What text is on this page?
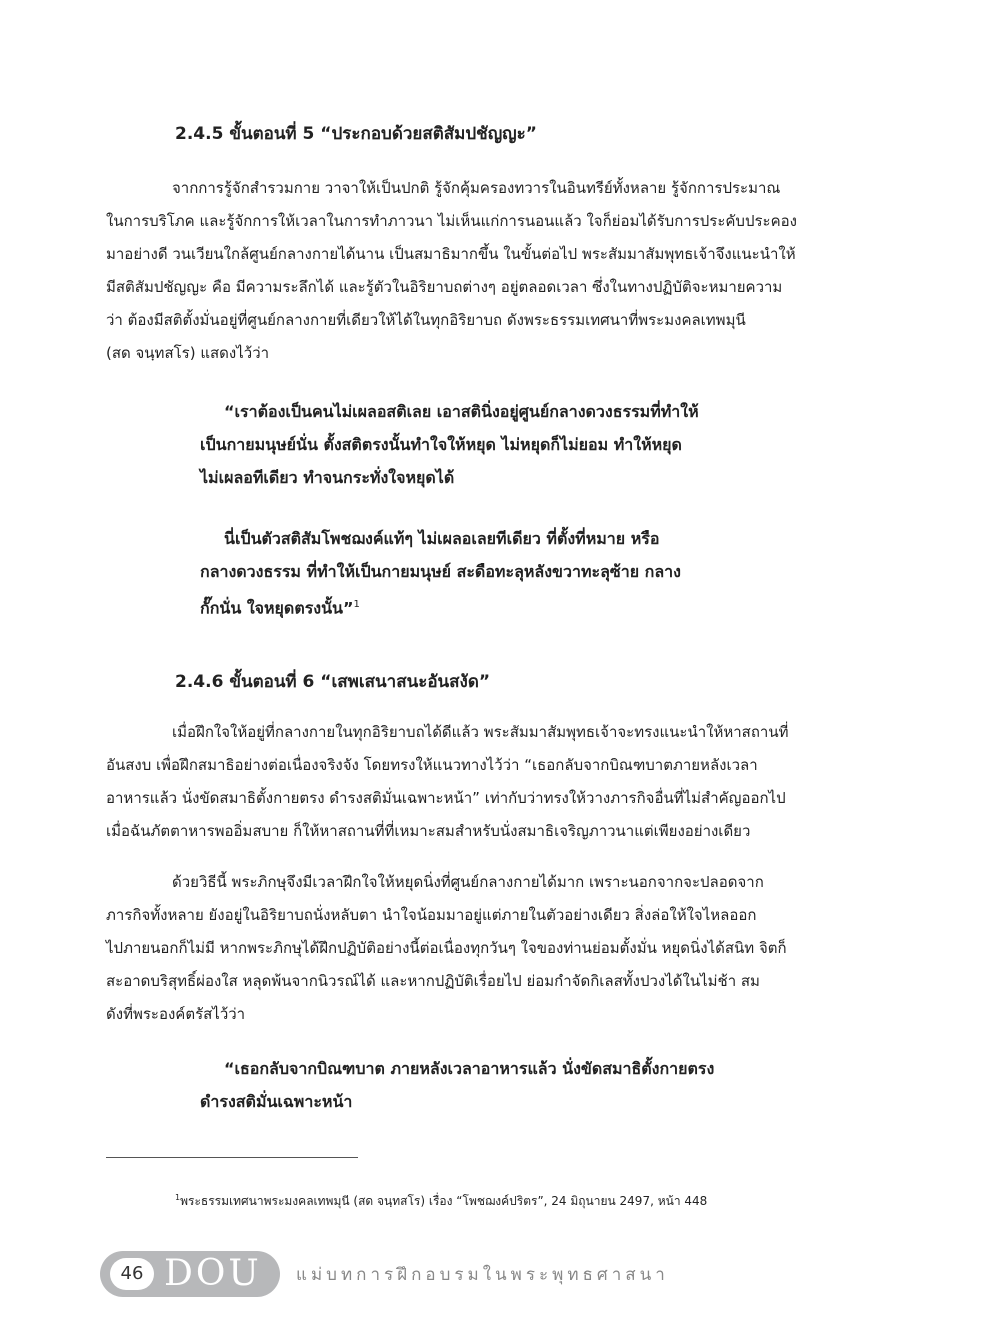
2.4.5 ขั้นตอนที่ 5 “ประกอบด้วยสติสัมปชัญญะ”
จากการรู้จักสำรวมกาย วาจาให้เป็นปกติ รู้จักคุ้มครองทวารในอินทรีย์ทั้งหลาย รู้จักการประมาณ
ในการบริโภค และรู้จักการให้เวลาในการทำภาวนา ไม่เห็นแก่การนอนแล้ว ใจก็ย่อมได้รับการประคับประคอง
มาอย่างดี วนเวียนใกล้ศูนย์กลางกายได้นาน เป็นสมาธิมากขึ้น ในขั้นต่อไป พระสัมมาสัมพุทธเจ้าจึงแนะนำให้
มีสติสัมปชัญญะ คือ มีความระลึกได้ และรู้ตัวในอิริยาบถต่างๆ อยู่ตลอดเวลา ซึ่งในทางปฏิบัติจะหมายความ
ว่า ต้องมีสติตั้งมั่นอยู่ที่ศูนย์กลางกายที่เดียวให้ได้ในทุกอิริยาบถ ดังพระธรรมเทศนาที่พระมงคลเทพมุนี
(สด จนฺทสโร) แสดงไว้ว่า
“เราต้องเป็นคนไม่เผลอสติเลย เอาสตินิ่งอยู่ศูนย์กลางดวงธรรมที่ทำให้
เป็นกายมนุษย์นั่น ตั้งสติตรงนั้นทำใจให้หยุด ไม่หยุดก็ไม่ยอม ทำให้หยุด
ไม่เผลอทีเดียว ทำจนกระทั่งใจหยุดได้
นี่เป็นตัวสติสัมโพชฌงค์แท้ๆ ไม่เผลอเลยทีเดียว ที่ตั้งที่หมาย หรือ
กลางดวงธรรม ที่ทำให้เป็นกายมนุษย์ สะดือทะลุหลังขวาทะลุซ้าย กลาง
กั๊กนั่น ใจหยุดตรงนั้น”$^1$
2.4.6 ขั้นตอนที่ 6 “เสพเสนาสนะอันสงัด”
เมื่อฝึกใจให้อยู่ที่กลางกายในทุกอิริยาบถได้ดีแล้ว พระสัมมาสัมพุทธเจ้าจะทรงแนะนำให้หาสถานที่
อันสงบ เพื่อฝึกสมาธิอย่างต่อเนื่องจริงจัง โดยทรงให้แนวทางไว้ว่า “เธอกลับจากบิณฑบาตภายหลังเวลา
อาหารแล้ว นั่งขัดสมาธิตั้งกายตรง ดำรงสติมั่นเฉพาะหน้า” เท่ากับว่าทรงให้วางภารกิจอื่นที่ไม่สำคัญออกไป
เมื่อฉันภัตตาหารพออิ่มสบาย ก็ให้หาสถานที่ที่เหมาะสมสำหรับนั่งสมาธิเจริญภาวนาแต่เพียงอย่างเดียว
ด้วยวิธีนี้ พระภิกษุจึงมีเวลาฝึกใจให้หยุดนิ่งที่ศูนย์กลางกายได้มาก เพราะนอกจากจะปลอดจาก
ภารกิจทั้งหลาย ยังอยู่ในอิริยาบถนั่งหลับตา นำใจน้อมมาอยู่แต่ภายในตัวอย่างเดียว สิ่งล่อให้ใจไหลออก
ไปภายนอกก็ไม่มี หากพระภิกษุได้ฝึกปฏิบัติอย่างนี้ต่อเนื่องทุกวันๆ ใจของท่านย่อมตั้งมั่น หยุดนิ่งได้สนิท จิตก็
สะอาดบริสุทธิ์ผ่องใส หลุดพ้นจากนิวรณ์ได้ และหากปฏิบัติเรื่อยไป ย่อมกำจัดกิเลสทั้งปวงได้ในไม่ช้า สม
ดังที่พระองค์ตรัสไว้ว่า
“เธอกลับจากบิณฑบาต ภายหลังเวลาอาหารแล้ว นั่งขัดสมาธิตั้งกายตรง
ดำรงสติมั่นเฉพาะหน้า
$^1$พระธรรมเทศนาพระมงคลเทพมุนี (สด จนฺทสโร) เรื่อง “โพชฌงค์ปริตร”, 24 มิถุนายน 2497, หน้า 448
46 DOU แม่บทการฝึกอบรมในพระพุทธศาสนา
